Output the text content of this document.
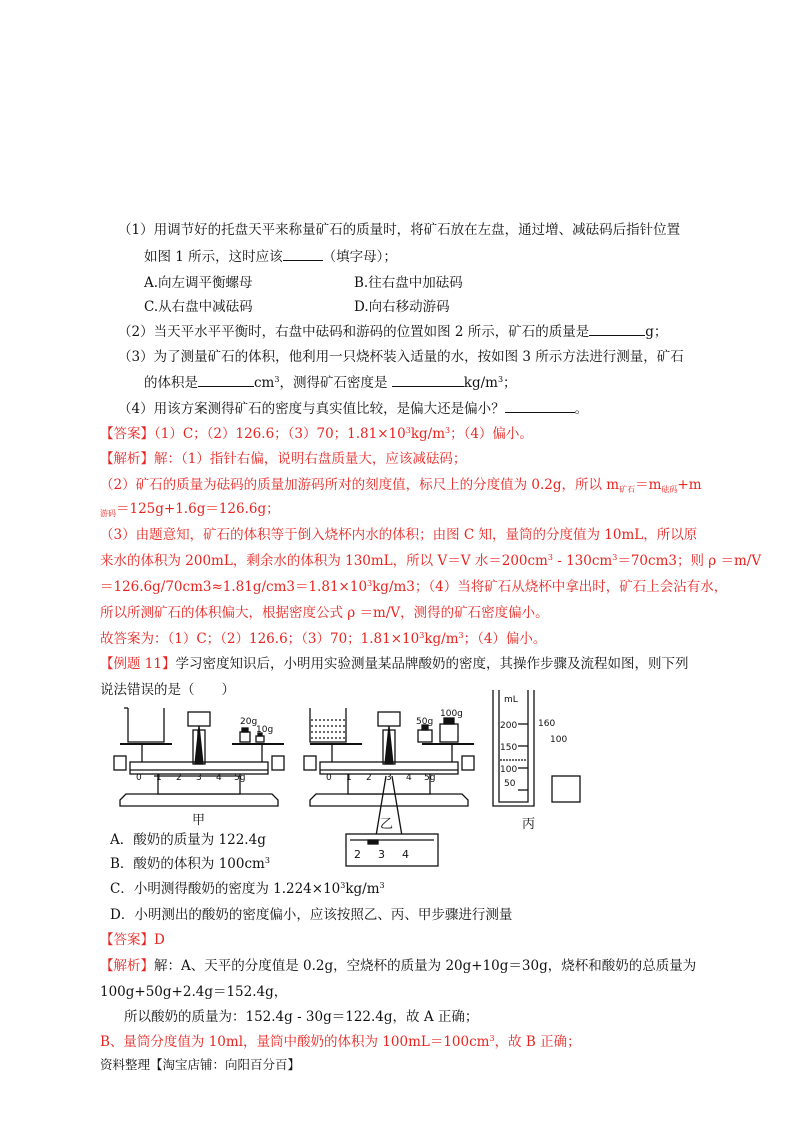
（1）用调节好的托盘天平来称量矿石的质量时，将矿石放在左盘，通过增、减砝码后指针位置
如图 1 所示，这时应该	（填字母）；
A.向左调平衡螺母	B.往右盘中加砝码
C.从右盘中减砝码	D.向右移动游码
（2）当天平水平平衡时，右盘中砝码和游码的位置如图 2 所示，矿石的质量是	g；
（3）为了测量矿石的体积，他利用一只烧杯装入适量的水，按如图 3 所示方法进行测量，矿石
的体积是	$cm^3$，测得矿石密度是	$kg/m^3$；
（4）用该方案测得矿石的密度与真实值比较，是偏大还是偏小？	。
【答案】（1）C；（2）126.6；（3）70；$1.81\times 10^3kg/m^3$；（4）偏小。
【解析】解：（1）指针右偏，说明右盘质量大，应该减砝码；
（2）矿石的质量为砝码的质量加游码所对的刻度值，标尺上的分度值为 0.2g，所以 $m_{矿石}=m_{砝码}+m$
$_{游码}$＝125g+1.6g＝126.6g；
（3）由题意知，矿石的体积等于倒入烧杯内水的体积；由图 C 知，量筒的分度值为 10mL，所以原
来水的体积为 200mL，剩余水的体积为 130mL，所以 V＝V 水$=200cm^3 - 130cm^3=70cm3$；则 ρ ＝m/V
$=126.6g/70cm3\approx 1.81g/cm3=1.81\times 10^3kg/m3$；（4）当将矿石从烧杯中拿出时，矿石上会沾有水，
所以所测矿石的体积偏大，根据密度公式 ρ ＝m/V，测得的矿石密度偏小。
故答案为：（1）C；（2）126.6；（3）70；$1.81\times 10^3kg/m^3$；（4）偏小。
【例题 11】学习密度知识后，小明用实验测量某品牌酸奶的密度，其操作步骤及流程如图，则下列
说法错误的是（　　）
0 1 2 3 4 5g	0 1 2 3 4 5g
20g
10g
50g
100g
2 3 4
mL
200
150
100
50
160
100
甲	乙	丙
A．酸奶的质量为 122.4g
B．酸奶的体积为 $100cm^3$
C．小明测得酸奶的密度为 $1.224\times 10^3kg/m^3$
D．小明测出的酸奶的密度偏小，应该按照乙、丙、甲步骤进行测量
【答案】D
【解析】解：A、天平的分度值是 0.2g，空烧杯的质量为 20g+10g＝30g，烧杯和酸奶的总质量为
100g+50g+2.4g＝152.4g，
所以酸奶的质量为：152.4g - 30g＝122.4g，故 A 正确；
B、量筒分度值为 10ml，量筒中酸奶的体积为 $100mL=100cm^3$，故 B 正确；
资料整理【淘宝店铺：向阳百分百】
